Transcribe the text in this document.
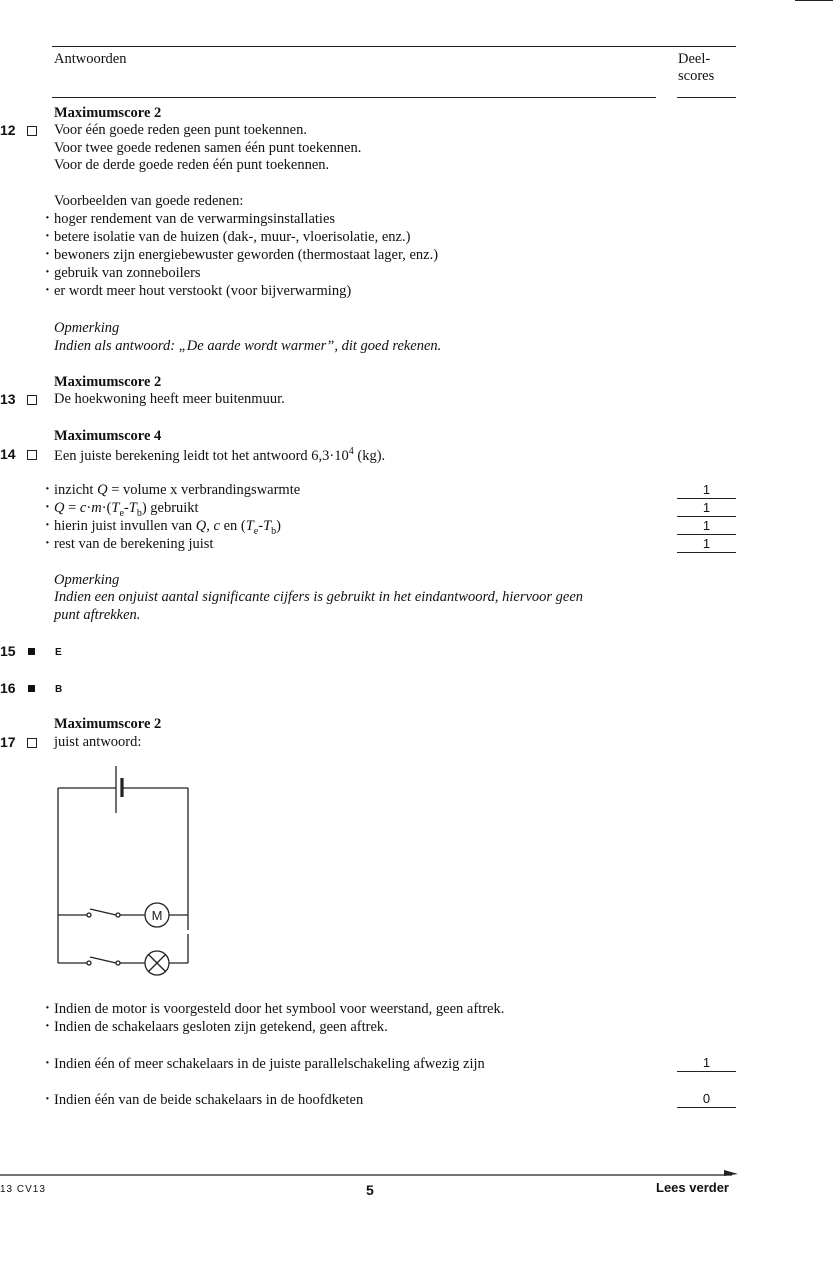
Antwoorden	Deel-
scores
Maximumscore 2
12	Voor één goede reden geen punt toekennen.
Voor twee goede redenen samen één punt toekennen.
Voor de derde goede reden één punt toekennen.
Voorbeelden van goede redenen:
· hoger rendement van de verwarmingsinstallaties
· betere isolatie van de huizen (dak-, muur-, vloerisolatie, enz.)
· bewoners zijn energiebewuster geworden (thermostaat lager, enz.)
· gebruik van zonneboilers
· er wordt meer hout verstookt (voor bijverwarming)
Opmerking
Indien als antwoord: „De aarde wordt warmer”, dit goed rekenen.
Maximumscore 2
13	De hoekwoning heeft meer buitenmuur.
Maximumscore 4
14	Een juiste berekening leidt tot het antwoord $6,3\cdot 10^4$ (kg).
· inzicht Q = volume x verbrandingswarmte	1
· $Q = c\cdot m\cdot(T_e-T_b)$ gebruikt	1
· hierin juist invullen van Q, c en $(T_e-T_b)$	1
· rest van de berekening juist	1
Opmerking
Indien een onjuist aantal significante cijfers is gebruikt in het eindantwoord, hiervoor geen
punt aftrekken.
15	E
16	B
Maximumscore 2
17	juist antwoord:
M
· Indien de motor is voorgesteld door het symbool voor weerstand, geen aftrek.
· Indien de schakelaars gesloten zijn getekend, geen aftrek.
· Indien één of meer schakelaars in de juiste parallelschakeling afwezig zijn	1
· Indien één van de beide schakelaars in de hoofdketen	0
13 CV13	5	Lees verder
